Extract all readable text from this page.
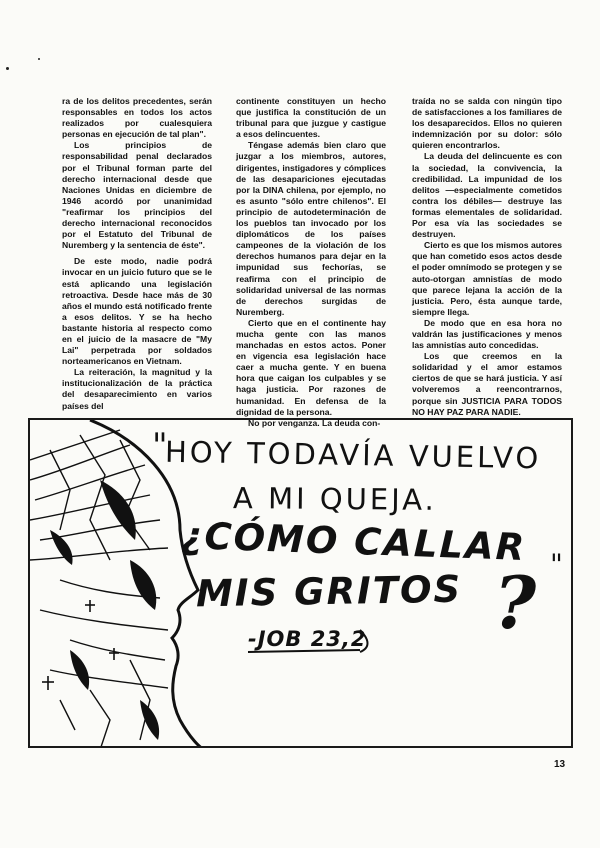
ra de los delitos precedentes, serán responsables en todos los actos realizados por cualesquiera personas en ejecución de tal plan".

Los principios de responsabilidad penal declarados por el Tribunal forman parte del derecho internacional desde que Naciones Unidas en diciembre de 1946 acordó por unanimidad "reafirmar los principios del derecho internacional reconocidos por el Estatuto del Tribunal de Nuremberg y la sentencia de éste".

De este modo, nadie podrá invocar en un juicio futuro que se le está aplicando una legislación retroactiva. Desde hace más de 30 años el mundo está notificado frente a esos delitos. Y se ha hecho bastante historia al respecto como en el juicio de la masacre de "My Lai" perpetrada por soldados norteamericanos en Vietnam.

La reiteración, la magnitud y la institucionalización de la práctica del desaparecimiento en varios países del

continente constituyen un hecho que justifica la constitución de un tribunal para que juzgue y castigue a esos delincuentes.

Téngase además bien claro que juzgar a los miembros, autores, dirigentes, instigadores y cómplices de las desapariciones ejecutadas por la DINA chilena, por ejemplo, no es asunto "sólo entre chilenos". El principio de autodeterminación de los pueblos tan invocado por los diplomáticos de los países campeones de la violación de los derechos humanos para dejar en la impunidad sus fechorías, se reafirma con el principio de solidaridad universal de las normas de derechos surgidas de Nuremberg.

Cierto que en el continente hay mucha gente con las manos manchadas en estos actos. Poner en vigencia esa legislación hace caer a mucha gente. Y en buena hora que caigan los culpables y se haga justicia. Por razones de humanidad. En defensa de la dignidad de la persona.

No por venganza. La deuda con-

traída no se salda con ningún tipo de satisfacciones a los familiares de los desaparecidos. Ellos no quieren indemnización por su dolor: sólo quieren encontrarlos.

La deuda del delincuente es con la sociedad, la convivencia, la credibilidad. La impunidad de los delitos —especialmente cometidos contra los débiles— destruye las formas elementales de solidaridad. Por esa vía las sociedades se destruyen.

Cierto es que los mismos autores que han cometido esos actos desde el poder omnímodo se protegen y se auto-otorgan amnistías de modo que parece lejana la acción de la justicia. Pero, ésta aunque tarde, siempre llega.

De modo que en esa hora no valdrán las justificaciones y menos las amnistías auto concedidas.

Los que creemos en la solidaridad y el amor estamos ciertos de que se hará justicia. Y así volveremos a reencontrarnos, porque sin JUSTICIA PARA TODOS NO HAY PAZ PARA NADIE.

"
HOY TODAVÍA VUELVO
A MI QUEJA.
¿CÓMO CALLAR
MIS GRITOS ? "
-JOB 23,2
13
